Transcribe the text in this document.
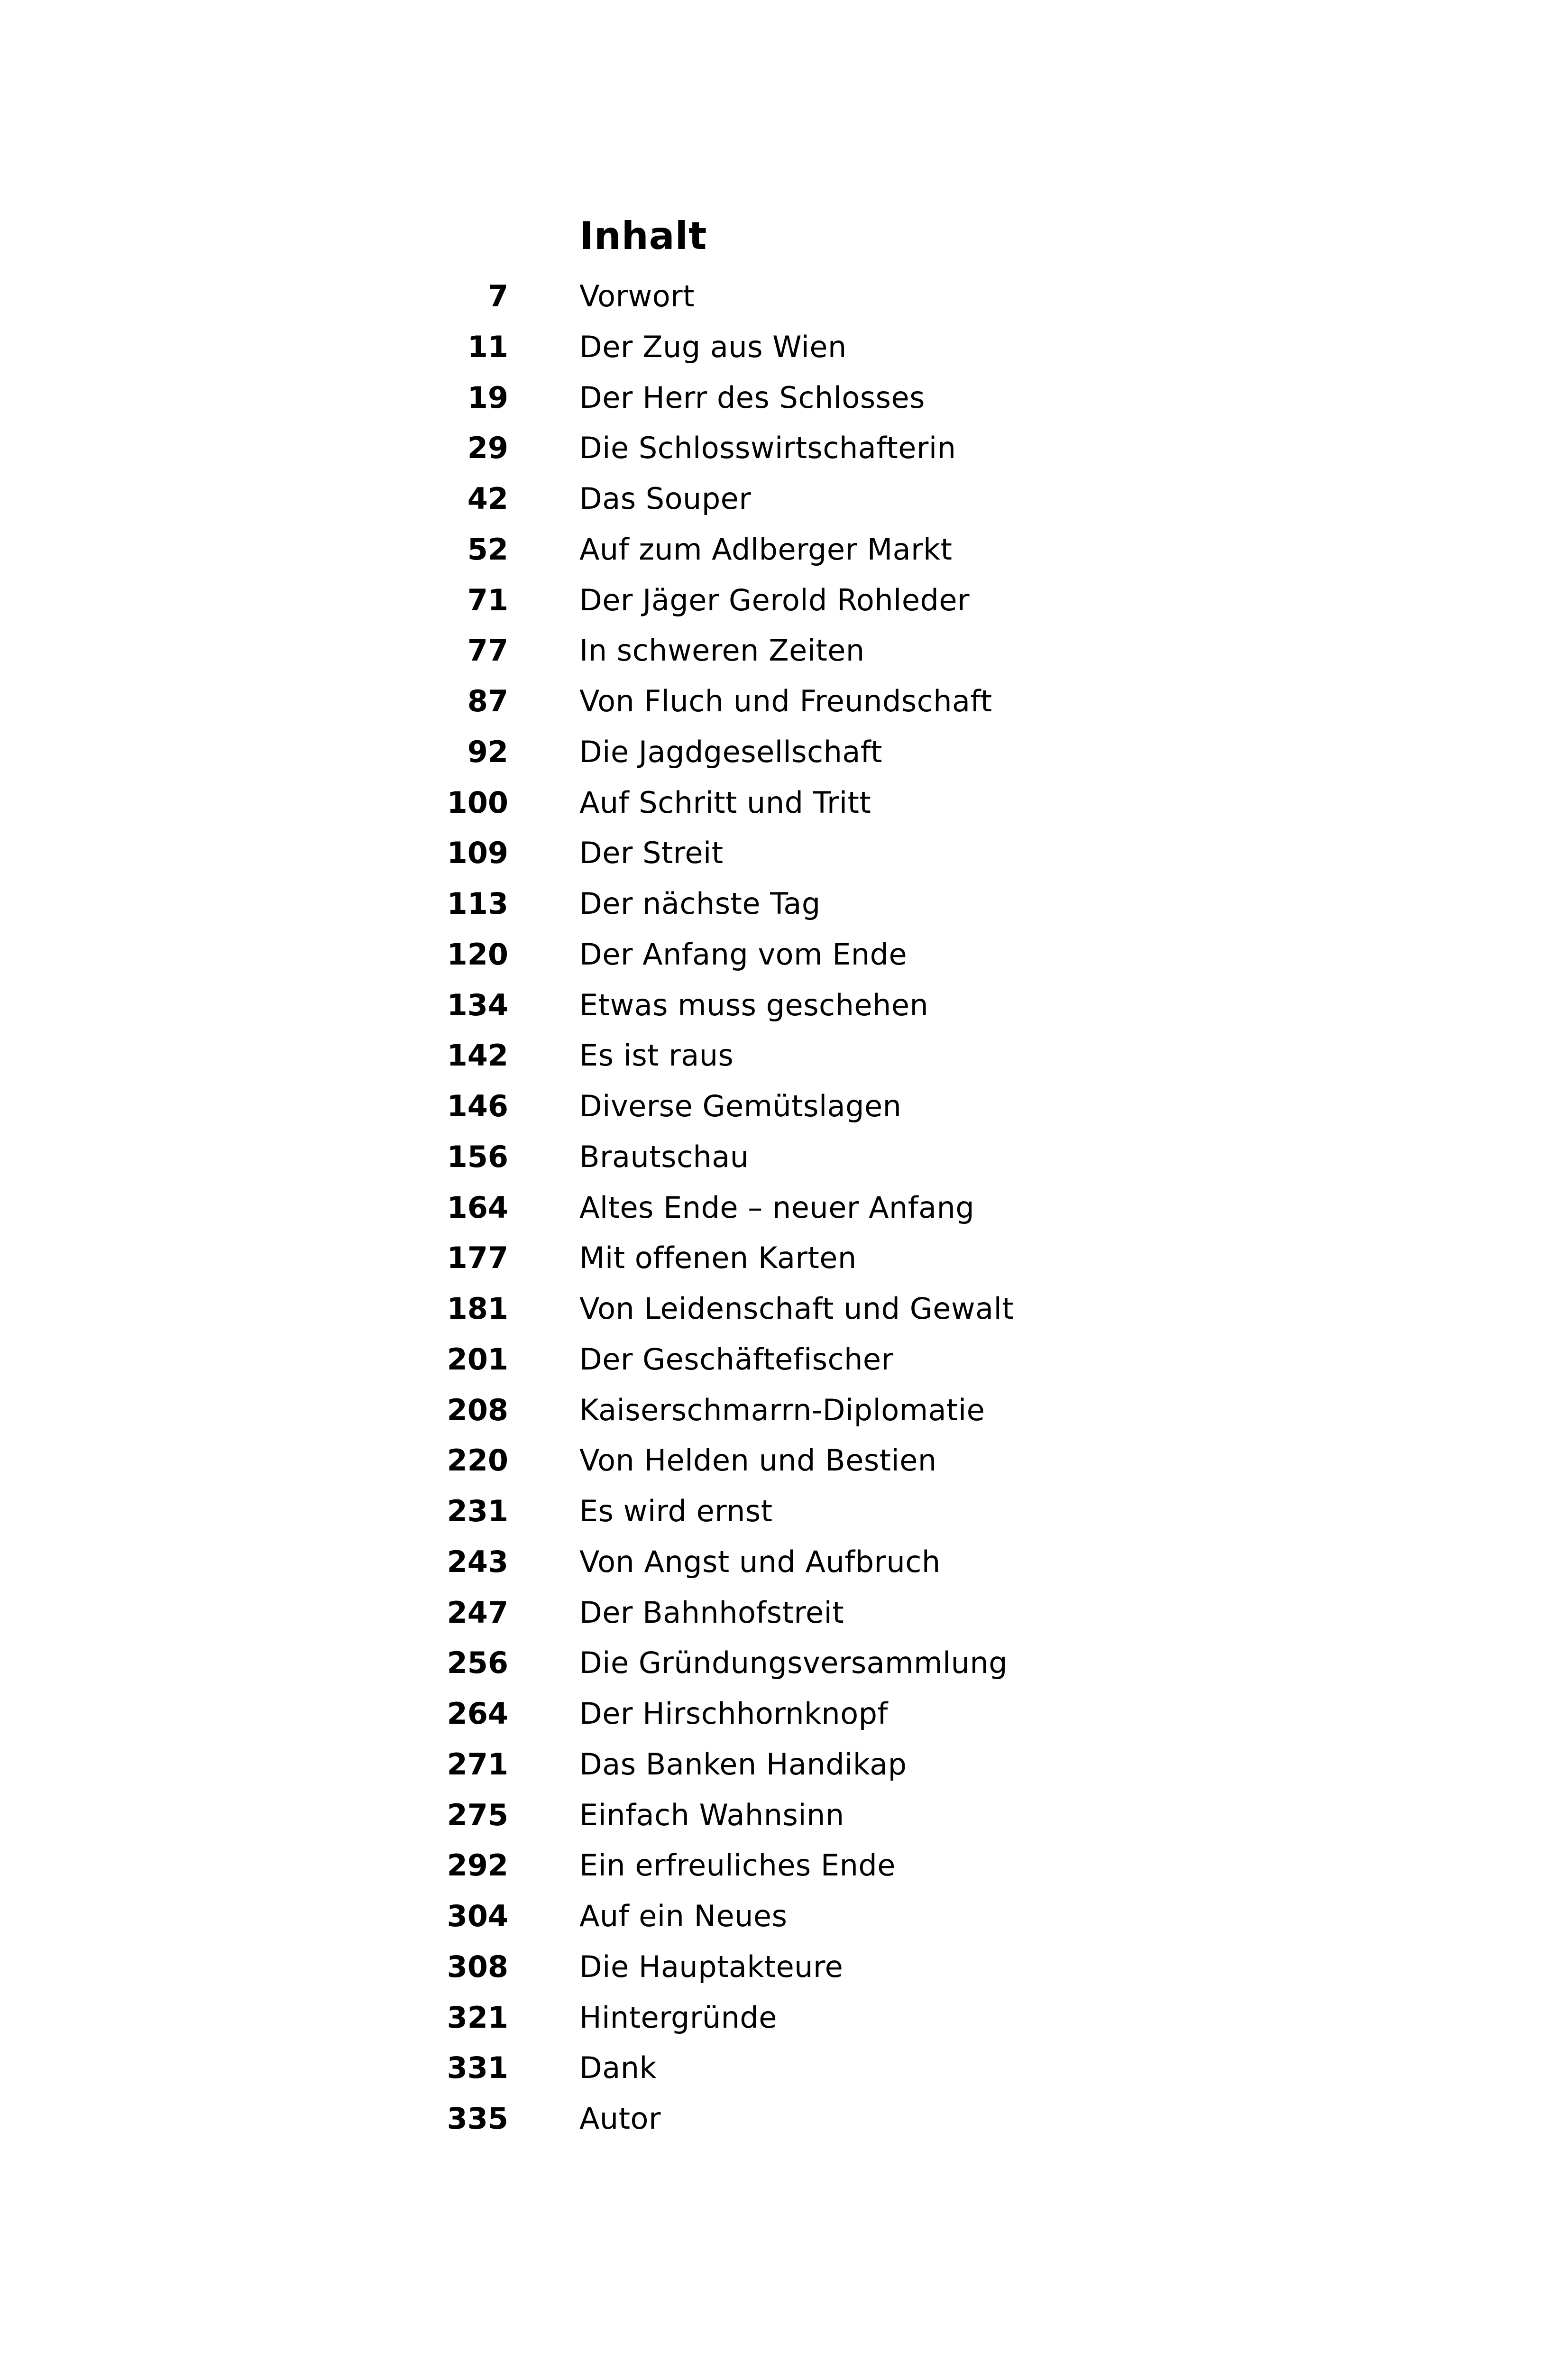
Inhalt
7 Vorwort
11 Der Zug aus Wien
19 Der Herr des Schlosses
29 Die Schlosswirtschafterin
42 Das Souper
52 Auf zum Adlberger Markt
71 Der Jäger Gerold Rohleder
77 In schweren Zeiten
87 Von Fluch und Freundschaft
92 Die Jagdgesellschaft
100 Auf Schritt und Tritt
109 Der Streit
113 Der nächste Tag
120 Der Anfang vom Ende
134 Etwas muss geschehen
142 Es ist raus
146 Diverse Gemütslagen
156 Brautschau
164 Altes Ende – neuer Anfang
177 Mit offenen Karten
181 Von Leidenschaft und Gewalt
201 Der Geschäftefischer
208 Kaiserschmarrn-Diplomatie
220 Von Helden und Bestien
231 Es wird ernst
243 Von Angst und Aufbruch
247 Der Bahnhofstreit
256 Die Gründungsversammlung
264 Der Hirschhornknopf
271 Das Banken Handikap
275 Einfach Wahnsinn
292 Ein erfreuliches Ende
304 Auf ein Neues
308 Die Hauptakteure
321 Hintergründe
331 Dank
335 Autor
